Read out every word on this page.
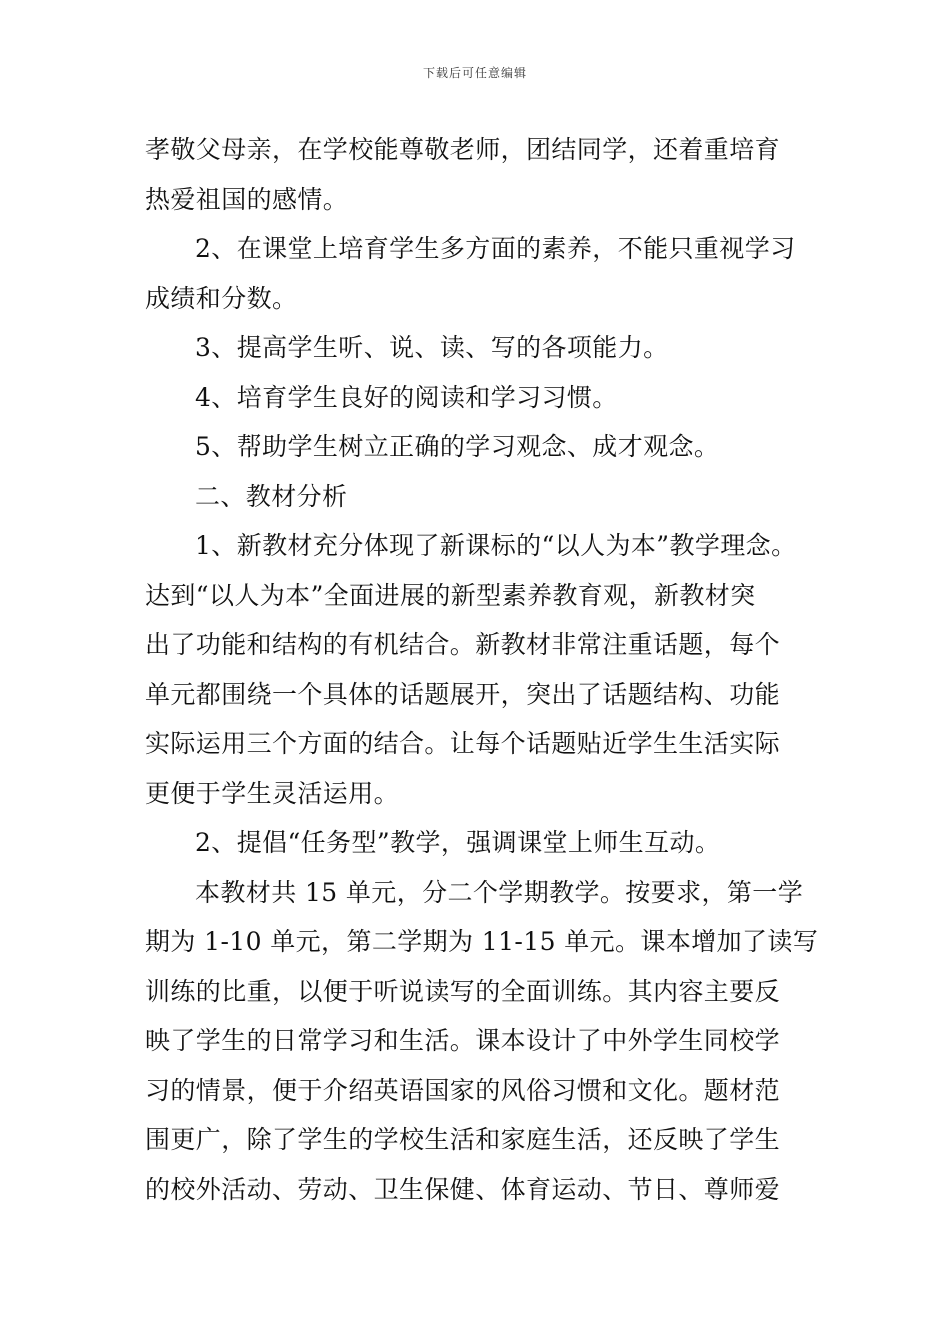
下载后可任意编辑
孝敬父母亲，在学校能尊敬老师，团结同学，还着重培育
热爱祖国的感情。
2、在课堂上培育学生多方面的素养，不能只重视学习
成绩和分数。
3、提高学生听、说、读、写的各项能力。
4、培育学生良好的阅读和学习习惯。
5、帮助学生树立正确的学习观念、成才观念。
二、教材分析
1、新教材充分体现了新课标的“以人为本”教学理念。
达到“以人为本”全面进展的新型素养教育观，新教材突
出了功能和结构的有机结合。新教材非常注重话题，每个
单元都围绕一个具体的话题展开，突出了话题结构、功能
实际运用三个方面的结合。让每个话题贴近学生生活实际
更便于学生灵活运用。
2、提倡“任务型”教学，强调课堂上师生互动。
本教材共 15 单元，分二个学期教学。按要求，第一学
期为 1-10 单元，第二学期为 11-15 单元。课本增加了读写
训练的比重，以便于听说读写的全面训练。其内容主要反
映了学生的日常学习和生活。课本设计了中外学生同校学
习的情景，便于介绍英语国家的风俗习惯和文化。题材范
围更广，除了学生的学校生活和家庭生活，还反映了学生
的校外活动、劳动、卫生保健、体育运动、节日、尊师爱
